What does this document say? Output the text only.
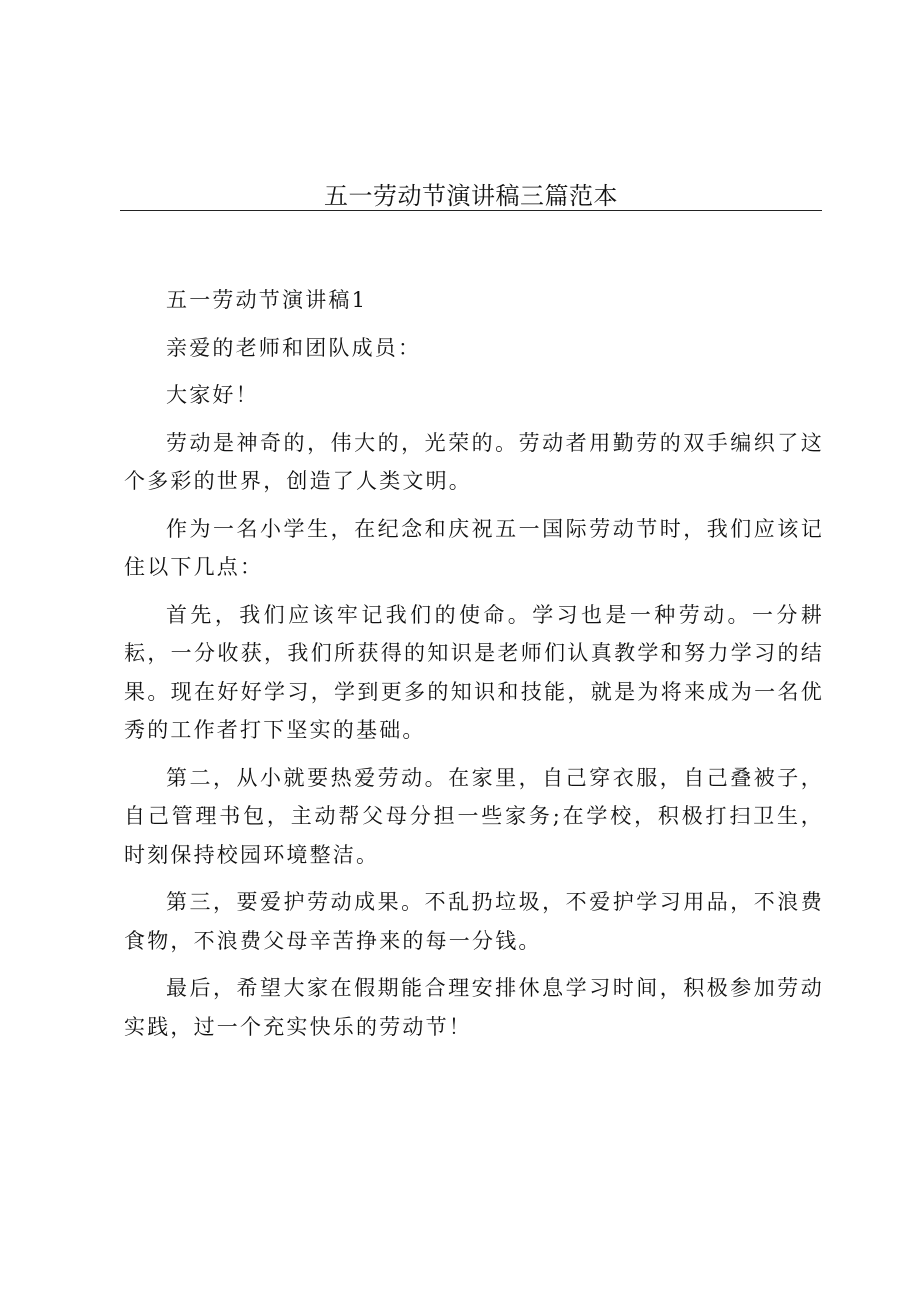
五一劳动节演讲稿三篇范本

五一劳动节演讲稿1

亲爱的老师和团队成员：

大家好！

劳动是神奇的，伟大的，光荣的。劳动者用勤劳的双手编织了这个多彩的世界，创造了人类文明。

作为一名小学生，在纪念和庆祝五一国际劳动节时，我们应该记住以下几点：

首先，我们应该牢记我们的使命。学习也是一种劳动。一分耕耘，一分收获，我们所获得的知识是老师们认真教学和努力学习的结果。现在好好学习，学到更多的知识和技能，就是为将来成为一名优秀的工作者打下坚实的基础。

第二，从小就要热爱劳动。在家里，自己穿衣服，自己叠被子，自己管理书包，主动帮父母分担一些家务;在学校，积极打扫卫生，时刻保持校园环境整洁。

第三，要爱护劳动成果。不乱扔垃圾，不爱护学习用品，不浪费食物，不浪费父母辛苦挣来的每一分钱。

最后，希望大家在假期能合理安排休息学习时间，积极参加劳动实践，过一个充实快乐的劳动节！
